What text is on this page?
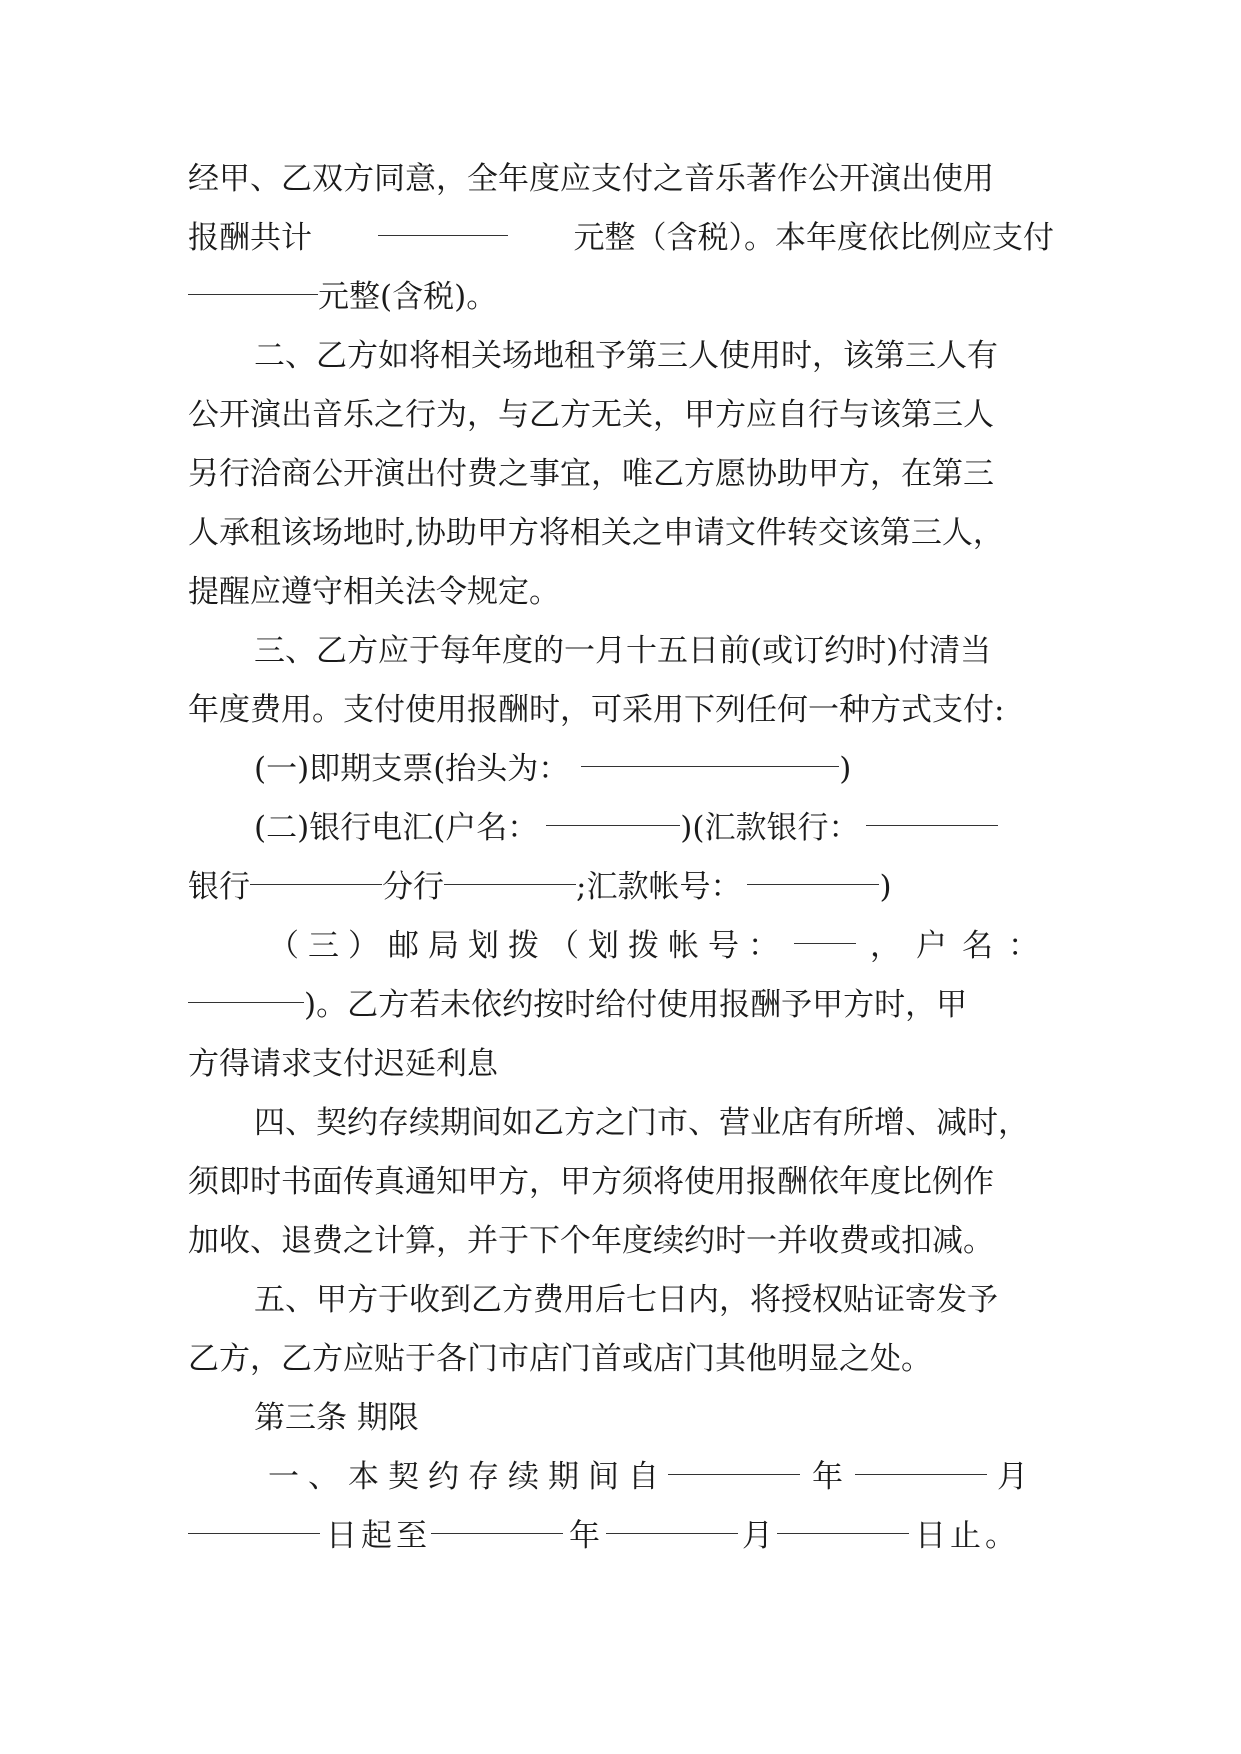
经甲、乙双方同意，全年度应支付之音乐著作公开演出使用
报酬共计	元整（含税）。本年度依比例应支付
元整(含税)。
二、乙方如将相关场地租予第三人使用时，该第三人有
公开演出音乐之行为，与乙方无关，甲方应自行与该第三人
另行洽商公开演出付费之事宜，唯乙方愿协助甲方，在第三
人承租该场地时,协助甲方将相关之申请文件转交该第三人，
提醒应遵守相关法令规定。
三、乙方应于每年度的一月十五日前(或订约时)付清当
年度费用。支付使用报酬时，可采用下列任何一种方式支付:
(一)即期支票(抬头为：	)
(二)银行电汇(户名：	)(汇款银行：
银行	分行	;汇款帐号：	)
（三）邮局划拨（划拨帐号：	，户名：
)。乙方若未依约按时给付使用报酬予甲方时，甲
方得请求支付迟延利息
四、契约存续期间如乙方之门市、营业店有所增、减时，
须即时书面传真通知甲方，甲方须将使用报酬依年度比例作
加收、退费之计算，并于下个年度续约时一并收费或扣减。
五、甲方于收到乙方费用后七日内，将授权贴证寄发予
乙方，乙方应贴于各门市店门首或店门其他明显之处。
第三条 期限
一、本契约存续期间自	年	月
日起至	年	月	日止。
